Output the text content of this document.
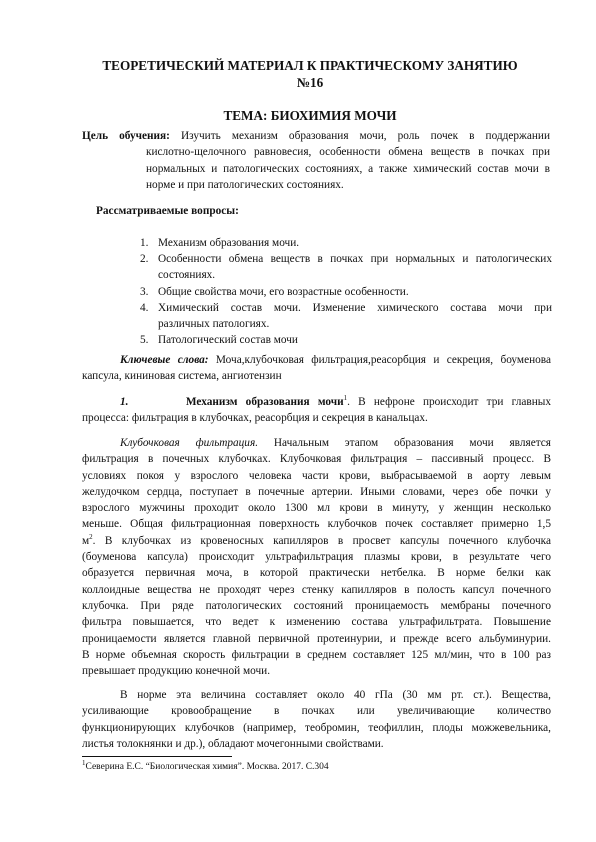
ТЕОРЕТИЧЕСКИЙ МАТЕРИАЛ К ПРАКТИЧЕСКОМУ ЗАНЯТИЮ
№16
ТЕМА: БИОХИМИЯ МОЧИ
Цель обучения: Изучить механизм образования мочи, роль почек в поддержании
кислотно-щелочного равновесия, особенности обмена веществ в почках при
нормальных и патологических состояниях, а также химический состав мочи в
норме и при патологических состояниях.
Рассматриваемые вопросы:
1. Механизм образования мочи.
2. Особенности обмена веществ в почках при нормальных и патологических
состояниях.
3. Общие свойства мочи, его возрастные особенности.
4. Химический состав мочи. Изменение химического состава мочи при
различных патологиях.
5. Патологический состав мочи
Ключевые слова: Моча,клубочковая фильтрация,реасорбция и секреция, боуменова
капсула, кининовая система, ангиотензин
1.	Механизм образования мочи$^1$. В нефроне происходит три главных
процесса: фильтрация в клубочках, реасорбция и секреция в канальцах.
Клубочковая фильтрация. Начальным этапом образования мочи является
фильтрация в почечных клубочках. Клубочковая фильтрация – пассивный процесс. В
условиях покоя у взрослого человека части крови, выбрасываемой в аорту левым
желудочком сердца, поступает в почечные артерии. Иными словами, через обе почки у
взрослого мужчины проходит около 1300 мл крови в минуту, у женщин несколько
меньше. Общая фильтрационная поверхность клубочков почек составляет примерно 1,5
$м^2$. В клубочках из кровеносных капилляров в просвет капсулы почечного клубочка
(боуменова капсула) происходит ультрафильтрация плазмы крови, в результате чего
образуется первичная моча, в которой практически нетбелка. В норме белки как
коллоидные вещества не проходят через стенку капилляров в полость капсул почечного
клубочка. При ряде патологических состояний проницаемость мембраны почечного
фильтра повышается, что ведет к изменению состава ультрафильтрата. Повышение
проницаемости является главной первичной протеинурии, и прежде всего альбуминурии.
В норме объемная скорость фильтрации в среднем составляет 125 мл/мин, что в 100 раз
превышает продукцию конечной мочи.
В норме эта величина составляет около 40 гПа (30 мм рт. ст.). Вещества,
усиливающие кровообращение в почках или увеличивающие количество
функционирующих клубочков (например, теобромин, теофиллин, плоды можжевельника,
листья толокнянки и др.), обладают мочегонными свойствами.
$^1$Северина Е.С. “Биологическая химия”. Москва. 2017. С.304
